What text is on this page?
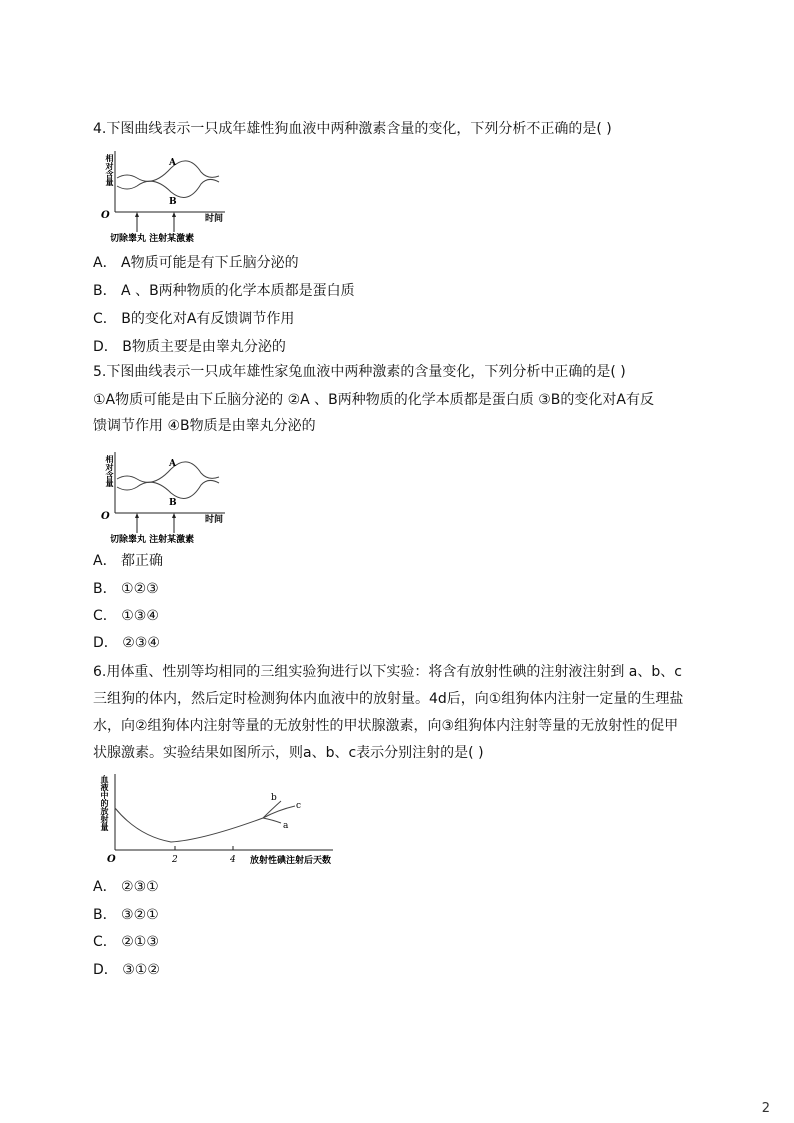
4.下图曲线表示一只成年雄性狗血液中两种激素含量的变化，下列分析不正确的是( )
A
B
O	时间
相对含量
切除睾丸 注射某激素
A． A物质可能是有下丘脑分泌的
B． A 、B两种物质的化学本质都是蛋白质
C． B的变化对A有反馈调节作用
D． B物质主要是由睾丸分泌的
5.下图曲线表示一只成年雄性家兔血液中两种激素的含量变化，下列分析中正确的是( )
①A物质可能是由下丘脑分泌的 ②A 、B两种物质的化学本质都是蛋白质 ③B的变化对A有反
馈调节作用 ④B物质是由睾丸分泌的
A
B
O	时间
相对含量
切除睾丸 注射某激素
A． 都正确
B． ①②③
C． ①③④
D． ②③④
6.用体重、性别等均相同的三组实验狗进行以下实验：将含有放射性碘的注射液注射到 a、b、c
三组狗的体内，然后定时检测狗体内血液中的放射量。4d后，向①组狗体内注射一定量的生理盐
水，向②组狗体内注射等量的无放射性的甲状腺激素，向③组狗体内注射等量的无放射性的促甲
状腺激素。实验结果如图所示，则a、b、c表示分别注射的是( )
b
c
a
O	2	4 放射性碘注射后天数
血液中的放射量
A． ②③①
B． ③②①
C． ②①③
D． ③①②
2
